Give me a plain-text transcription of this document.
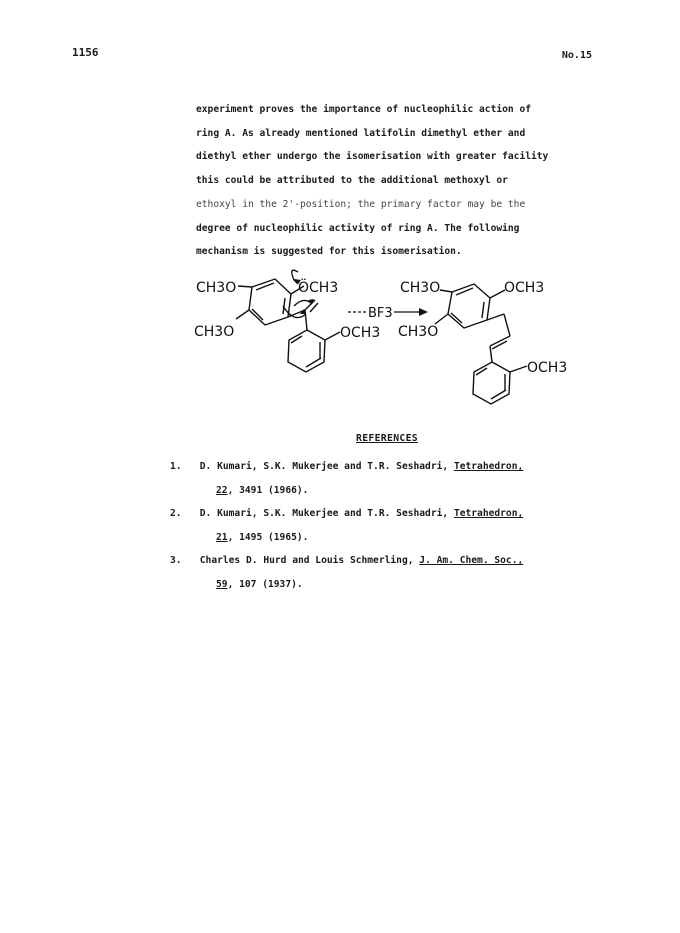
1156	No.15
experiment proves the importance of nucleophilic action of
ring A. As already mentioned latifolin dimethyl ether and
diethyl ether undergo the isomerisation with greater facility
this could be attributed to the additional methoxyl or
ethoxyl in the 2'-position; the primary factor may be the
degree of nucleophilic activity of ring A. The following
mechanism is suggested for this isomerisation.
CH3O
CH3O
ÖCH3
OCH3
BF3
CH3O
CH3O
OCH3
OCH3
REFERENCES
1. D. Kumari, S.K. Mukerjee and T.R. Seshadri, Tetrahedron,
22, 3491 (1966).
2. D. Kumari, S.K. Mukerjee and T.R. Seshadri, Tetrahedron,
21, 1495 (1965).
3. Charles D. Hurd and Louis Schmerling, J. Am. Chem. Soc.,
59, 107 (1937).
